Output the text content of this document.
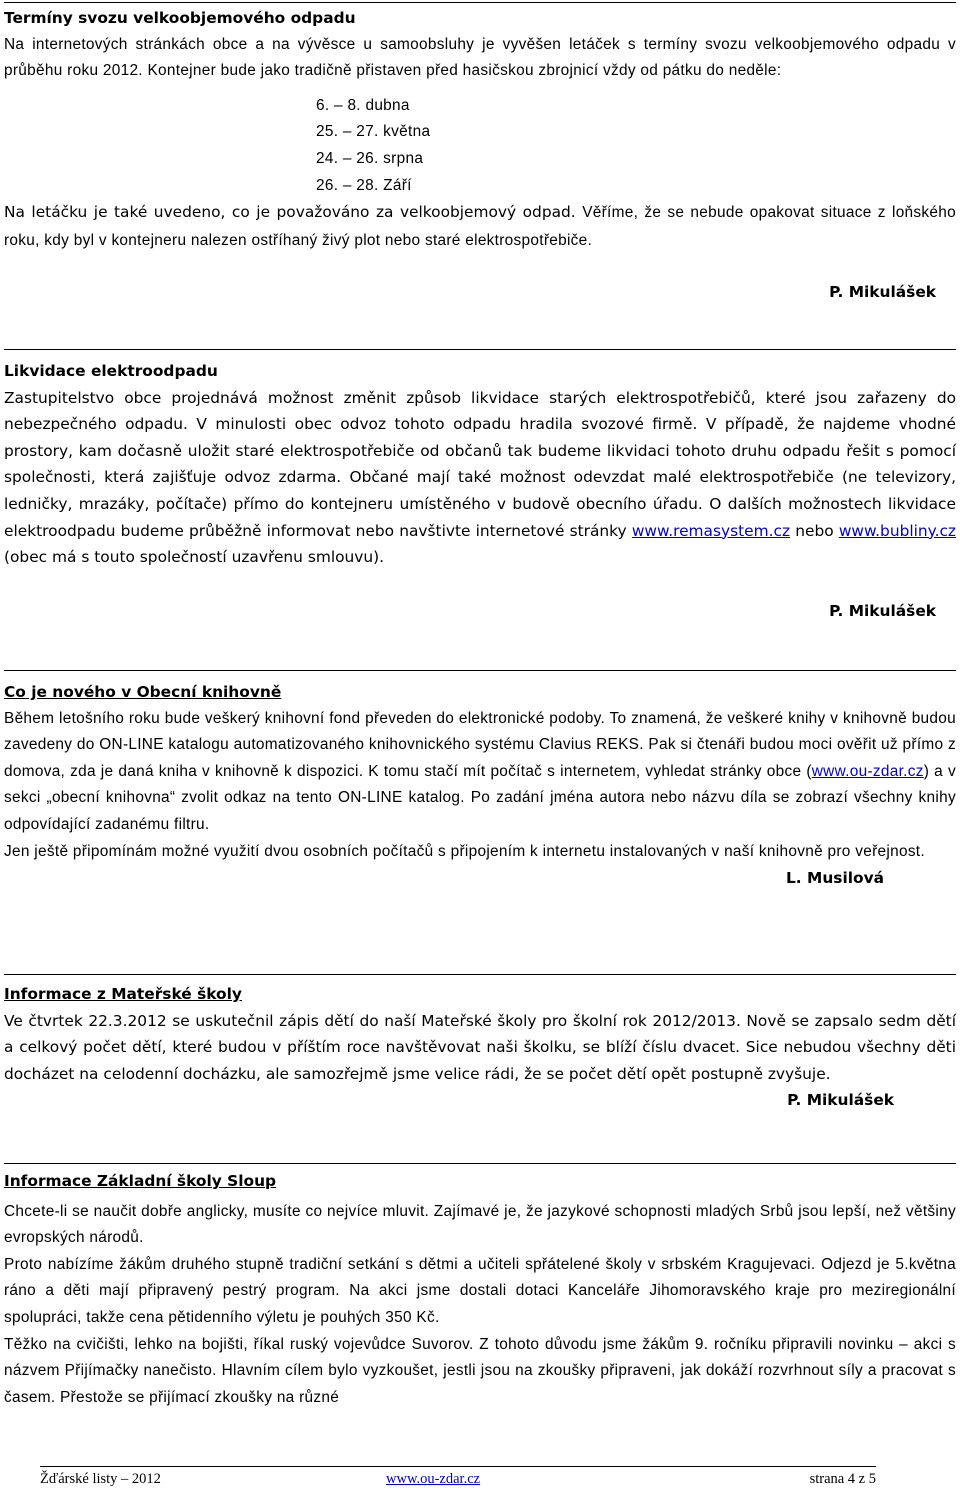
Termíny svozu velkoobjemového odpadu
Na internetových stránkách obce a na vývěsce u samoobsluhy je vyvěšen letáček s termíny svozu velkoobjemového odpadu v průběhu roku 2012. Kontejner bude jako tradičně přistaven před hasičskou zbrojnicí vždy od pátku do neděle:
6. – 8. dubna
25. – 27. května
24. – 26. srpna
26. – 28. Září
Na letáčku je také uvedeno, co je považováno za velkoobjemový odpad. Věříme, že se nebude opakovat situace z loňského roku, kdy byl v kontejneru nalezen ostříhaný živý plot nebo staré elektrospotřebiče.
P. Mikulášek
Likvidace elektroodpadu
Zastupitelstvo obce projednává možnost změnit způsob likvidace starých elektrospotřebičů, které jsou zařazeny do nebezpečného odpadu. V minulosti obec odvoz tohoto odpadu hradila svozové firmě. V případě, že najdeme vhodné prostory, kam dočasně uložit staré elektrospotřebiče od občanů tak budeme likvidaci tohoto druhu odpadu řešit s pomocí společnosti, která zajišťuje odvoz zdarma. Občané mají také možnost odevzdat malé elektrospotřebiče (ne televizory, ledničky, mrazáky, počítače) přímo do kontejneru umístěného v budově obecního úřadu. O dalších možnostech likvidace elektroodpadu budeme průběžně informovat nebo navštivte internetové stránky www.remasystem.cz nebo www.bubliny.cz (obec má s touto společností uzavřenu smlouvu).
P. Mikulášek
Co je nového v Obecní knihovně
Během letošního roku bude veškerý knihovní fond převeden do elektronické podoby. To znamená, že veškeré knihy v knihovně budou zavedeny do ON-LINE katalogu automatizovaného knihovnického systému Clavius REKS. Pak si čtenáři budou moci ověřit už přímo z domova, zda je daná kniha v knihovně k dispozici. K tomu stačí mít počítač s internetem, vyhledat stránky obce (www.ou-zdar.cz) a v sekci „obecní knihovna“ zvolit odkaz na tento ON-LINE katalog. Po zadání jména autora nebo názvu díla se zobrazí všechny knihy odpovídající zadanému filtru.
Jen ještě připomínám možné využití dvou osobních počítačů s připojením k internetu instalovaných v naší knihovně pro veřejnost.
L. Musilová
Informace z Mateřské školy
Ve čtvrtek 22.3.2012 se uskutečnil zápis dětí do naší Mateřské školy pro školní rok 2012/2013. Nově se zapsalo sedm dětí a celkový počet dětí, které budou v příštím roce navštěvovat naši školku, se blíží číslu dvacet. Sice nebudou všechny děti docházet na celodenní docházku, ale samozřejmě jsme velice rádi, že se počet dětí opět postupně zvyšuje.
P. Mikulášek
Informace Základní školy Sloup
Chcete-li se naučit dobře anglicky, musíte co nejvíce mluvit. Zajímavé je, že jazykové schopnosti mladých Srbů jsou lepší, než většiny evropských národů.
Proto nabízíme žákům druhého stupně tradiční setkání s dětmi a učiteli spřátelené školy v srbském Kragujevaci. Odjezd je 5.května ráno a děti mají připravený pestrý program. Na akci jsme dostali dotaci Kanceláře Jihomoravského kraje pro meziregionální spolupráci, takže cena pětidenního výletu je pouhých 350 Kč.
Těžko na cvičišti, lehko na bojišti, říkal ruský vojevůdce Suvorov. Z tohoto důvodu jsme žákům 9. ročníku připravili novinku – akci s názvem Přijímačky nanečisto. Hlavním cílem bylo vyzkoušet, jestli jsou na zkoušky připraveni, jak dokáží rozvrhnout síly a pracovat s časem. Přestože se přijímací zkoušky na různé
Žďárské listy – 2012	www.ou-zdar.cz	strana 4 z 5
